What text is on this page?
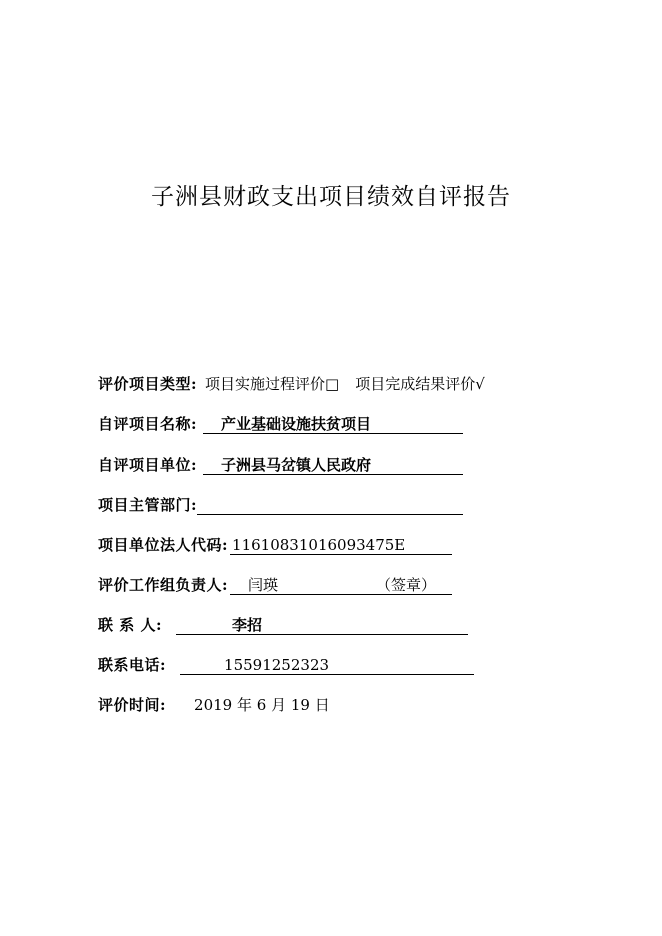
子洲县财政支出项目绩效自评报告
评价项目类型: 项目实施过程评价□ 项目完成结果评价√
自评项目名称:	产业基础设施扶贫项目
自评项目单位:	子洲县马岔镇人民政府
项目主管部门:
项目单位法人代码: 11610831016093475E
评价工作组负责人:	闫瑛	（签章）
联 系 人:	李招
联系电话:	15591252323
评价时间: 2019 年 6 月 19 日
